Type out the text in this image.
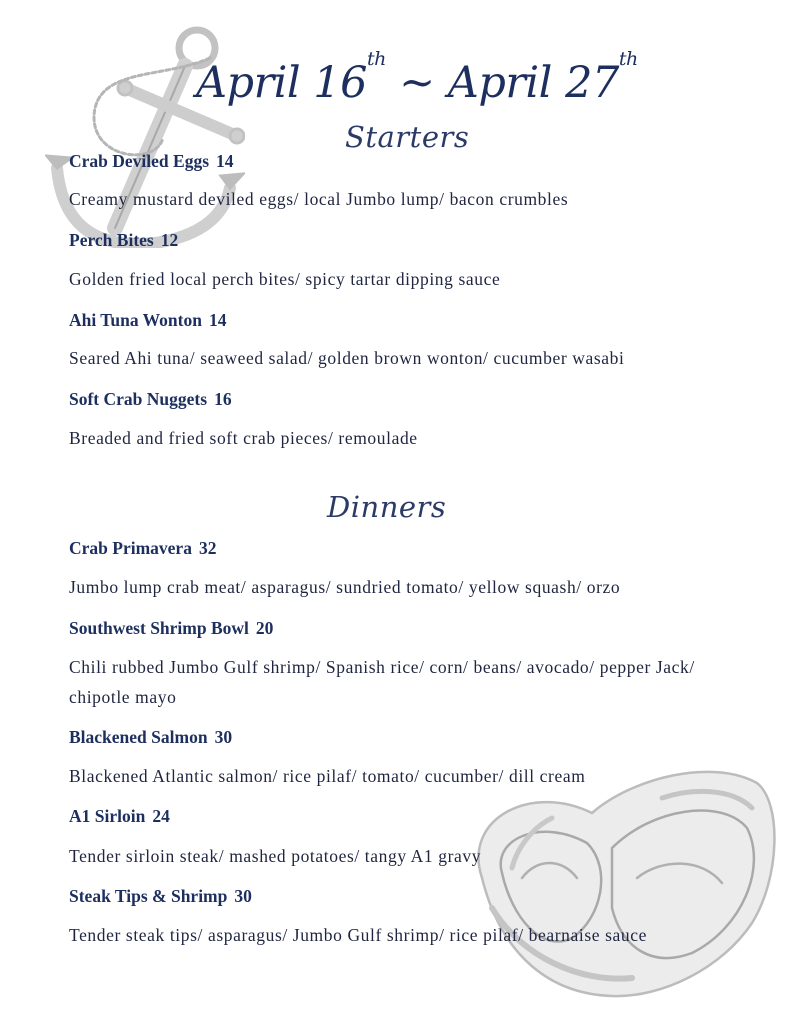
April 16th ~ April 27th
Starters
Crab Deviled Eggs 14
Creamy mustard deviled eggs/ local Jumbo lump/ bacon crumbles
Perch Bites 12
Golden fried local perch bites/ spicy tartar dipping sauce
Ahi Tuna Wonton 14
Seared Ahi tuna/ seaweed salad/ golden brown wonton/ cucumber wasabi
Soft Crab Nuggets 16
Breaded and fried soft crab pieces/ remoulade
Dinners
Crab Primavera 32
Jumbo lump crab meat/ asparagus/ sundried tomato/ yellow squash/ orzo
Southwest Shrimp Bowl 20
Chili rubbed Jumbo Gulf shrimp/ Spanish rice/ corn/ beans/ avocado/ pepper Jack/ chipotle mayo
Blackened Salmon 30
Blackened Atlantic salmon/ rice pilaf/ tomato/ cucumber/ dill cream
A1 Sirloin 24
Tender sirloin steak/ mashed potatoes/ tangy A1 gravy
Steak Tips & Shrimp 30
Tender steak tips/ asparagus/ Jumbo Gulf shrimp/ rice pilaf/ bearnaise sauce
